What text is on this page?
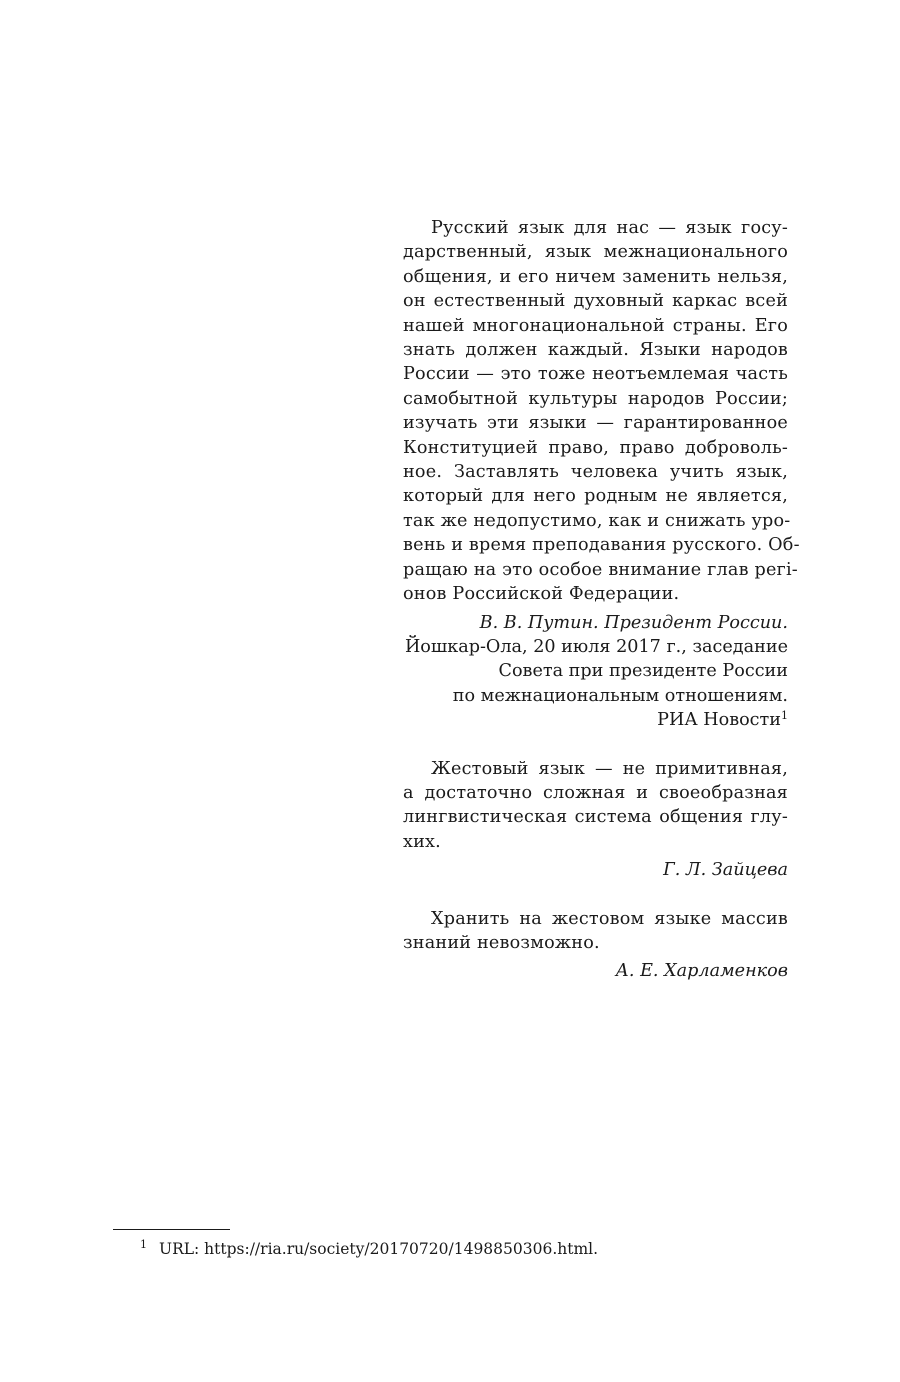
Русский язык для нас — язык госу-
дарственный, язык межнационального
общения, и его ничем заменить нельзя,
он естественный духовный каркас всей
нашей многонациональной страны. Его
знать должен каждый. Языки народов
России — это тоже неотъемлемая часть
самобытной культуры народов России;
изучать эти языки — гарантированное
Конституцией право, право доброволь-
ное. Заставлять человека учить язык,
который для него родным не является,
так же недопустимо, как и снижать уро-
вень и время преподавания русского. Об-
ращаю на это особое внимание глав регі-
онов Российской Федерации.

В. В. Путин. Президент России.
Йошкар-Ола, 20 июля 2017 г., заседание
Совета при президенте России
по межнациональным отношениям.
РИА Новости$^1$

Жестовый язык — не примитивная,
а достаточно сложная и своеобразная
лингвистическая система общения глу-
хих.

Г. Л. Зайцева

Хранить на жестовом языке массив
знаний невозможно.

А. Е. Харламенков

$^1$ URL: https://ria.ru/society/20170720/1498850306.html.
